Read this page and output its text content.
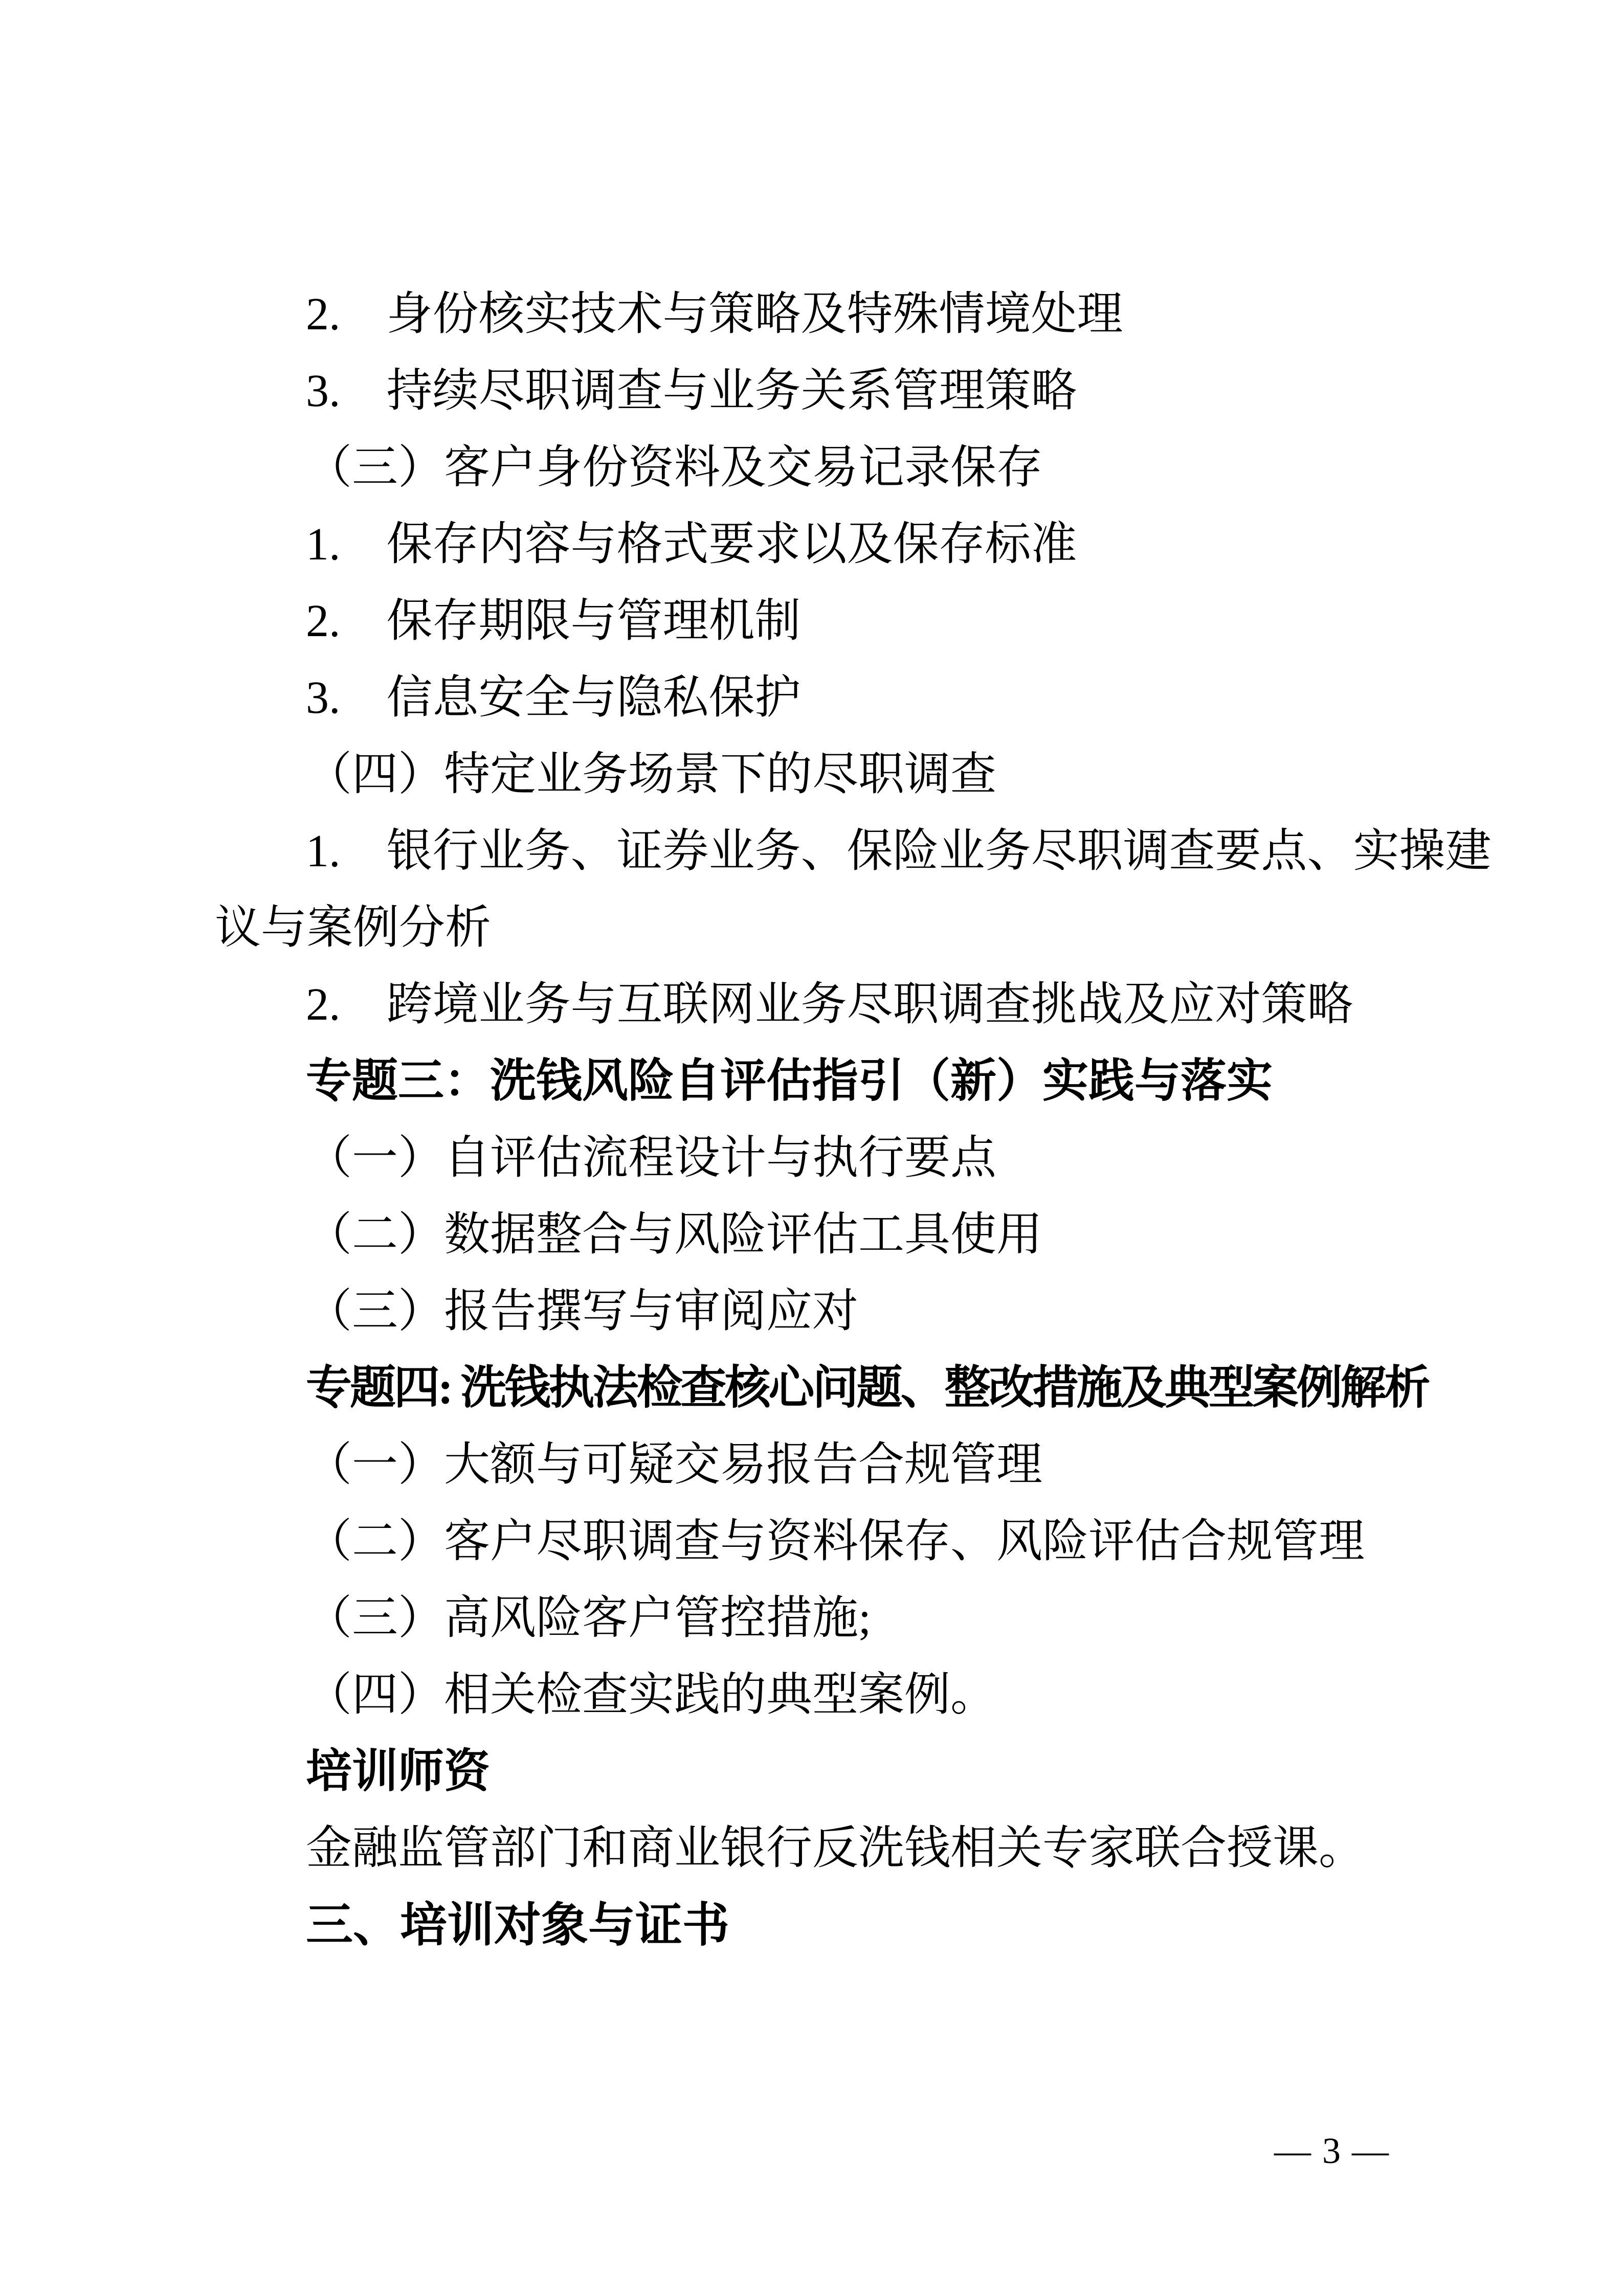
2.　身份核实技术与策略及特殊情境处理
3.　持续尽职调查与业务关系管理策略
（三）客户身份资料及交易记录保存
1.　保存内容与格式要求以及保存标准
2.　保存期限与管理机制
3.　信息安全与隐私保护
（四）特定业务场景下的尽职调查
1.　银行业务、证券业务、保险业务尽职调查要点、实操建
议与案例分析
2.　跨境业务与互联网业务尽职调查挑战及应对策略
专题三：洗钱风险自评估指引（新）实践与落实
（一）自评估流程设计与执行要点
（二）数据整合与风险评估工具使用
（三）报告撰写与审阅应对
专题四: 洗钱执法检查核心问题、整改措施及典型案例解析
（一）大额与可疑交易报告合规管理
（二）客户尽职调查与资料保存、风险评估合规管理
（三）高风险客户管控措施;
（四）相关检查实践的典型案例。
培训师资
金融监管部门和商业银行反洗钱相关专家联合授课。
三、培训对象与证书
— 3 —
